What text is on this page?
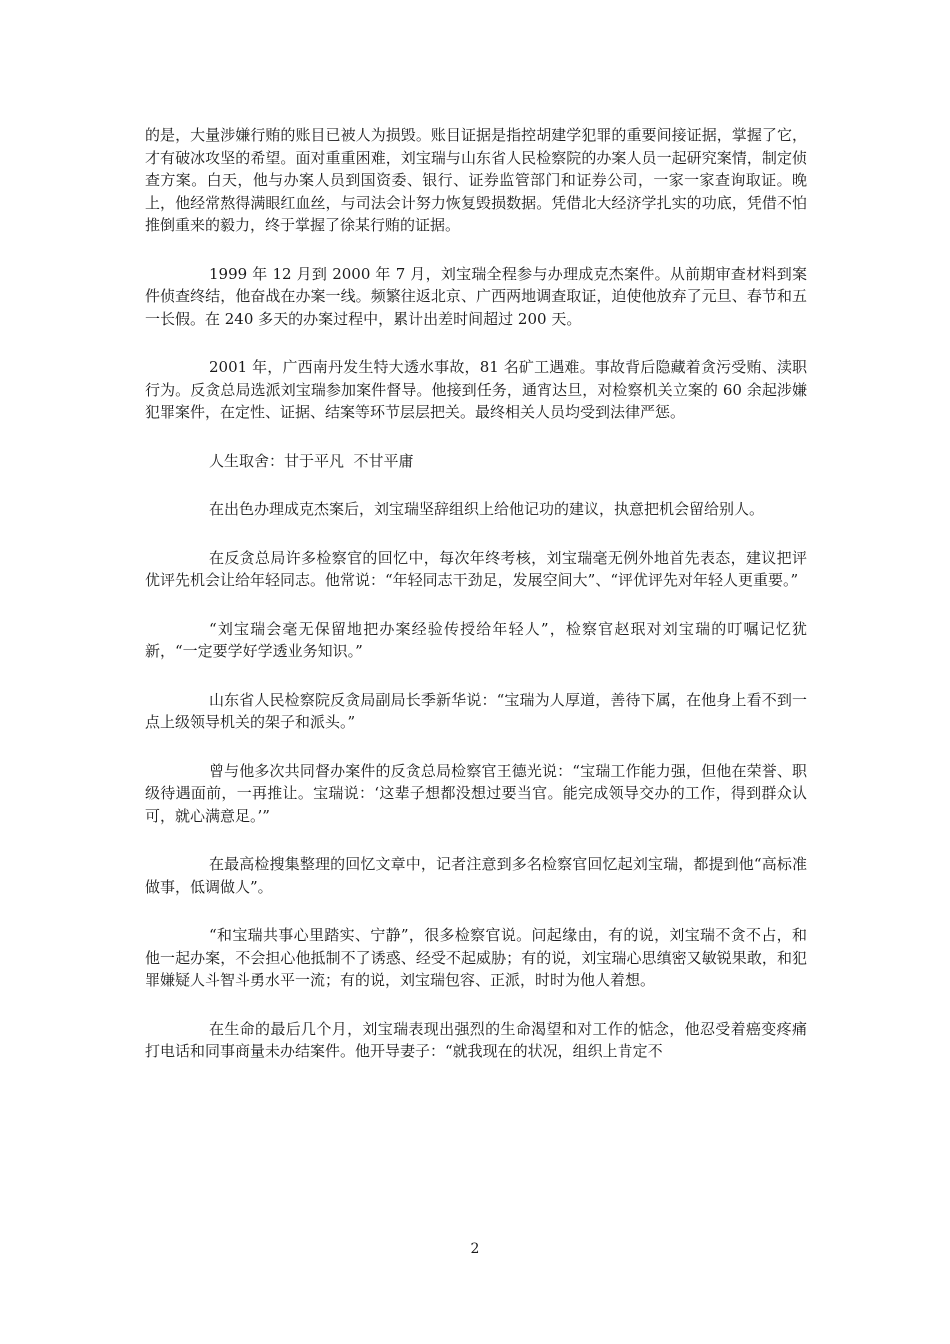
的是，大量涉嫌行贿的账目已被人为损毁。账目证据是指控胡建学犯罪的重要间接证据，掌握了它，才有破冰攻坚的希望。面对重重困难，刘宝瑞与山东省人民检察院的办案人员一起研究案情，制定侦查方案。白天，他与办案人员到国资委、银行、证券监管部门和证券公司，一家一家查询取证。晚上，他经常熬得满眼红血丝，与司法会计努力恢复毁损数据。凭借北大经济学扎实的功底，凭借不怕推倒重来的毅力，终于掌握了徐某行贿的证据。

1999 年 12 月到 2000 年 7 月，刘宝瑞全程参与办理成克杰案件。从前期审查材料到案件侦查终结，他奋战在办案一线。频繁往返北京、广西两地调查取证，迫使他放弃了元旦、春节和五一长假。在 240 多天的办案过程中，累计出差时间超过 200 天。

2001 年，广西南丹发生特大透水事故，81 名矿工遇难。事故背后隐藏着贪污受贿、渎职行为。反贪总局选派刘宝瑞参加案件督导。他接到任务，通宵达旦，对检察机关立案的 60 余起涉嫌犯罪案件，在定性、证据、结案等环节层层把关。最终相关人员均受到法律严惩。

人生取舍：甘于平凡  不甘平庸

在出色办理成克杰案后，刘宝瑞坚辞组织上给他记功的建议，执意把机会留给别人。

在反贪总局许多检察官的回忆中，每次年终考核，刘宝瑞毫无例外地首先表态，建议把评优评先机会让给年轻同志。他常说：“年轻同志干劲足，发展空间大”、“评优评先对年轻人更重要。”

“刘宝瑞会毫无保留地把办案经验传授给年轻人”，检察官赵珉对刘宝瑞的叮嘱记忆犹新，“一定要学好学透业务知识。”

山东省人民检察院反贪局副局长季新华说：“宝瑞为人厚道，善待下属，在他身上看不到一点上级领导机关的架子和派头。”

曾与他多次共同督办案件的反贪总局检察官王德光说：“宝瑞工作能力强，但他在荣誉、职级待遇面前，一再推让。宝瑞说：‘这辈子想都没想过要当官。能完成领导交办的工作，得到群众认可，就心满意足。’”

在最高检搜集整理的回忆文章中，记者注意到多名检察官回忆起刘宝瑞，都提到他“高标准做事，低调做人”。

“和宝瑞共事心里踏实、宁静”，很多检察官说。问起缘由，有的说，刘宝瑞不贪不占，和他一起办案，不会担心他抵制不了诱惑、经受不起威胁；有的说，刘宝瑞心思缜密又敏锐果敢，和犯罪嫌疑人斗智斗勇水平一流；有的说，刘宝瑞包容、正派，时时为他人着想。

在生命的最后几个月，刘宝瑞表现出强烈的生命渴望和对工作的惦念，他忍受着癌变疼痛打电话和同事商量未办结案件。他开导妻子：“就我现在的状况，组织上肯定不

2
